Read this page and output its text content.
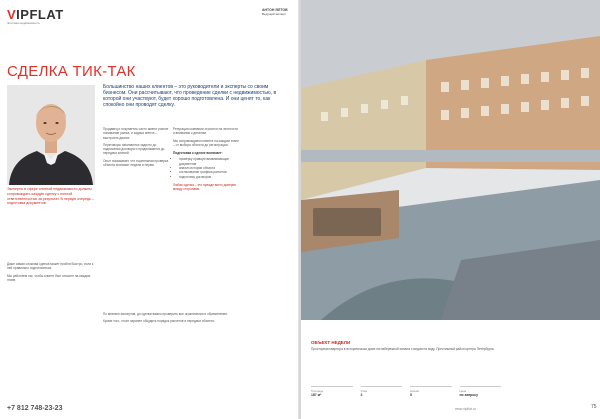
VIPFLAT
Элитная недвижимость
АНТОН ЯЛТОВ
Ведущий эксперт
СДЕЛКА ТИК-ТАК
Большинство наших клиентов – это руководители и эксперты со своим бизнесом. Они рассчитывают, что проведение сделки с недвижимостью, в которой они участвуют, будет хорошо подготовлена. И они ценят то, как спокойно они проводят сделку.

Продавец и покупатель часто имеют разное понимание рынка, и задача агента – выстроить диалог.

Переговоры начинаются задолго до подписания договора и продолжаются до передачи ключей.

Опыт показывает, что тщательная проверка объекта экономит недели и нервы.

Репутация компании строится на честности и внимании к деталям.

Мы сопровождаем клиента на каждом этапе – от выбора объекта до регистрации.

Подготовка к сделке включает:
• проверку правоустанавливающих документов
• анализ истории объекта
• согласование графика расчетов
• подготовку договоров
Любая сделка – это прежде всего доверие между сторонами.
Эксперты в сфере элитной недвижимости должны сопровождать каждую сделку с полной ответственностью за результат. В первую очередь – подготовка документов.

Даже самая сложная сделка может пройти быстро, если к ней правильно подготовиться.

Мы работаем так, чтобы клиент был спокоен на каждом этапе.

По мнению экспертов, до сделки важно проверить все ограничения и обременения.

Кроме того, стоит заранее обсудить порядок расчетов и передачи объекта.

+7 812 748-23-23
ОБЪЕКТ НЕДЕЛИ
Просторная квартира в историческом доме на набережной канала с видом на воду. Престижный район центра Петербурга.
Площадь
187 м²
Этаж
3
Комнат
5
Цена
по запросу
www.vipflat.ru	75
